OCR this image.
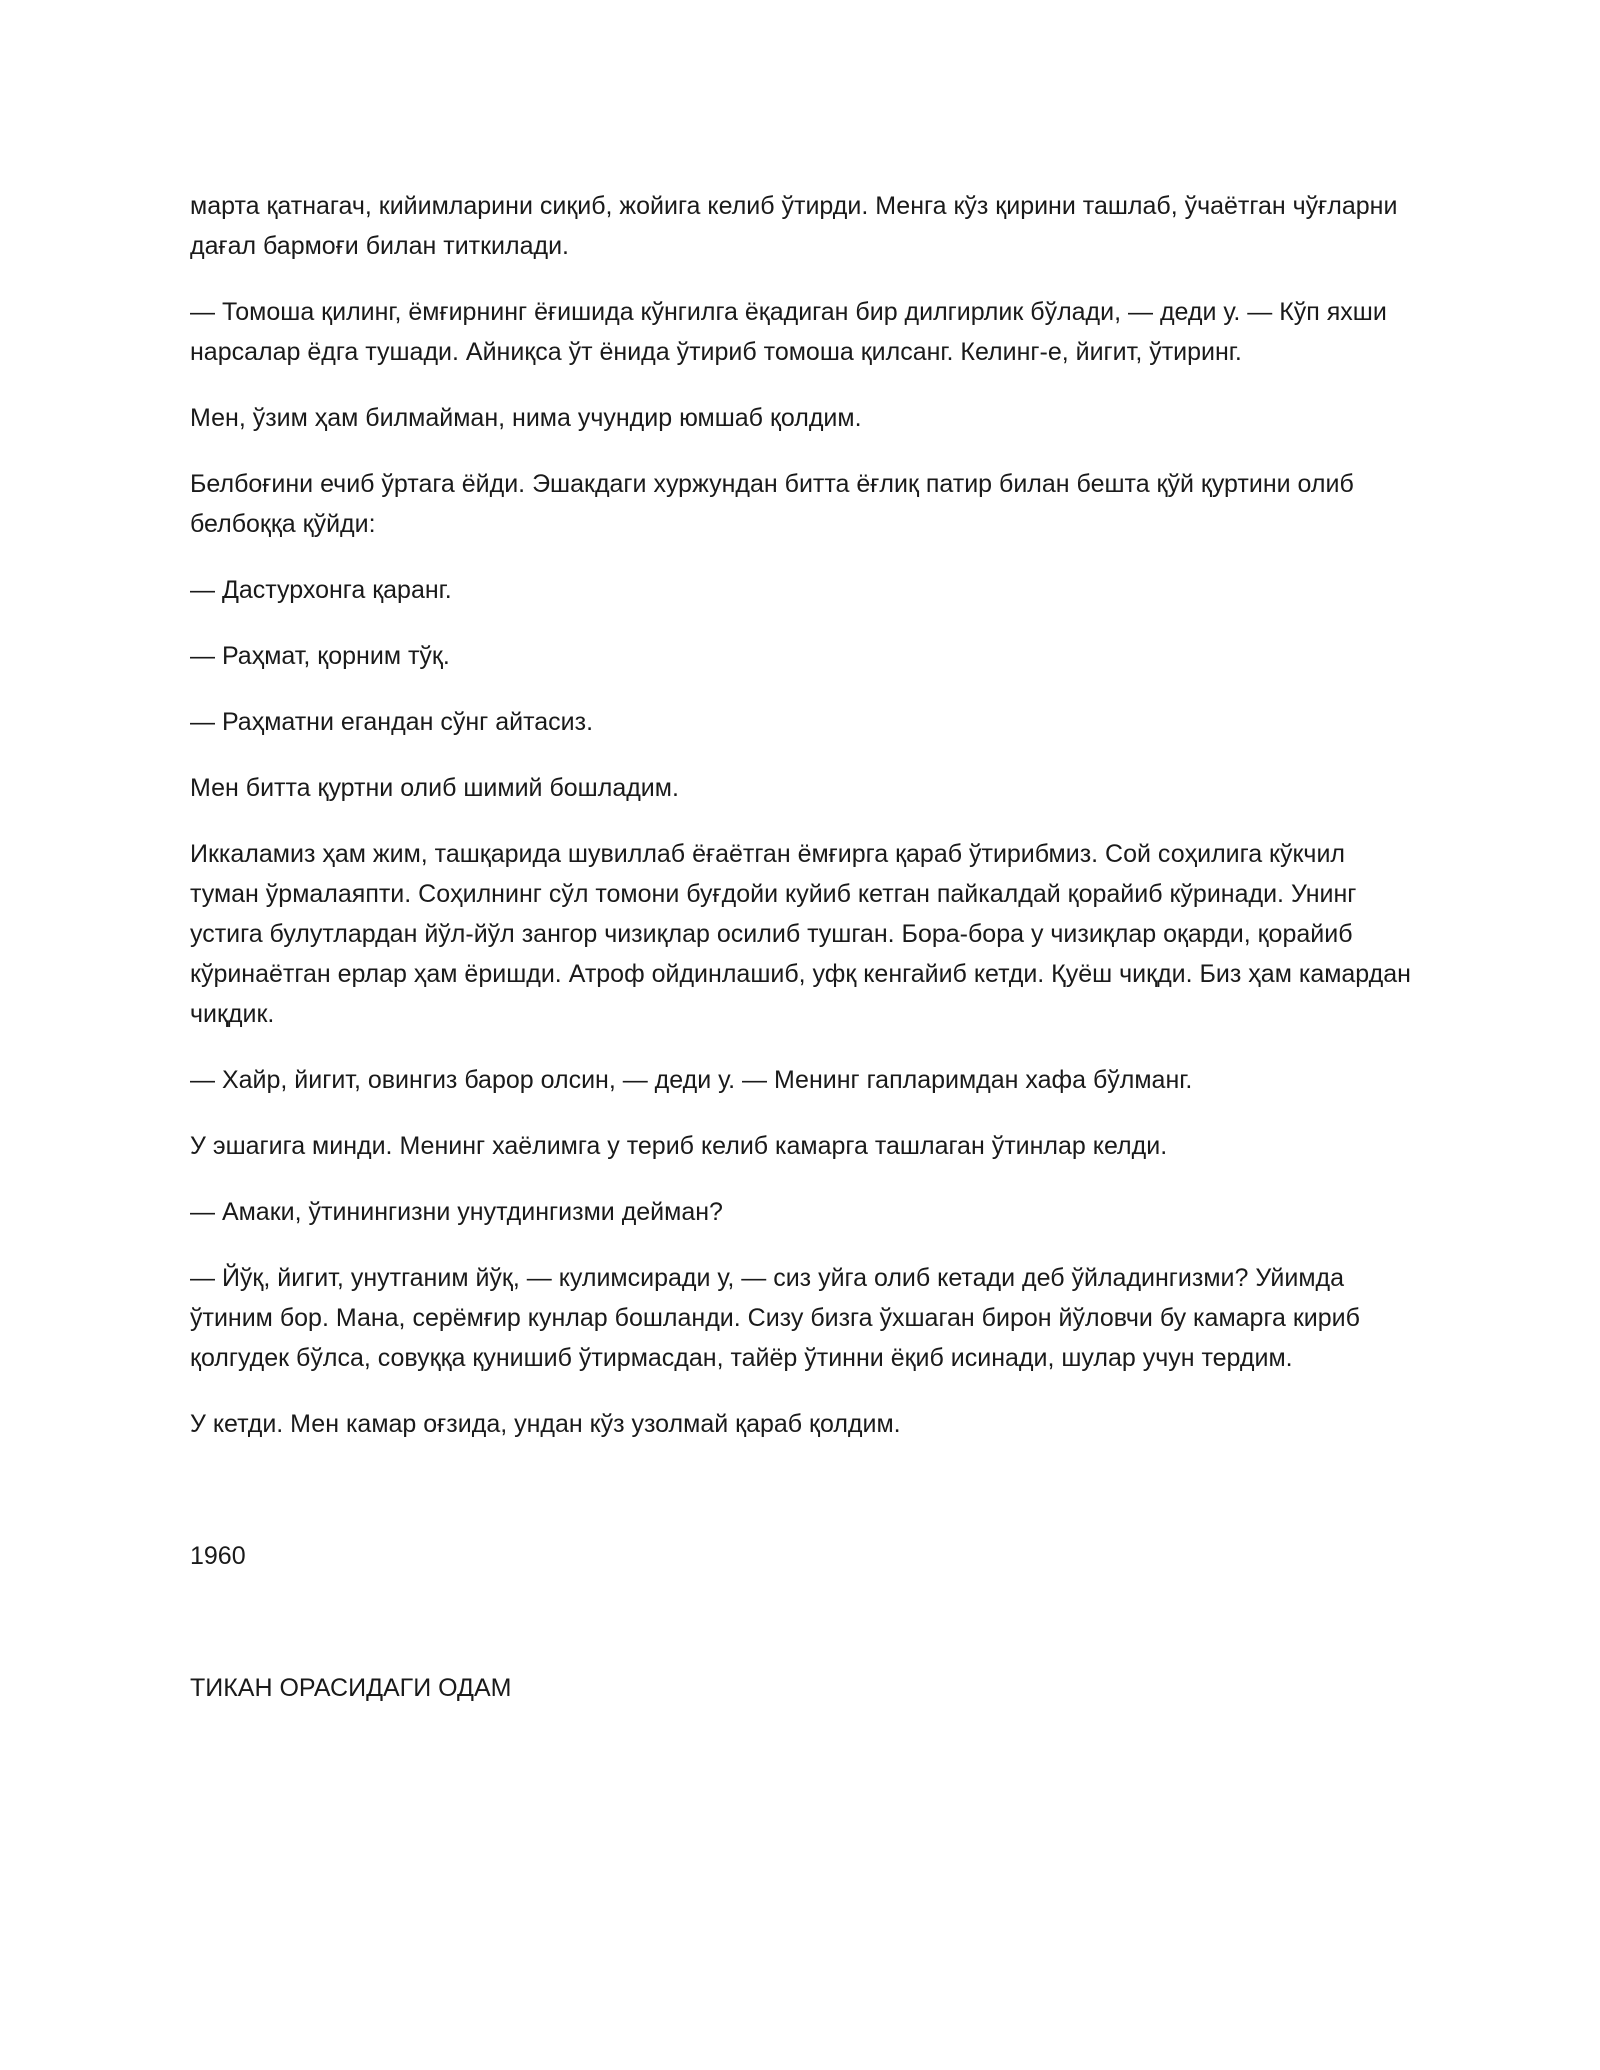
марта қатнагач, кийимларини сиқиб, жойига келиб ўтирди. Менга кўз қирини ташлаб, ўчаётган чўғларни дағал бармоғи билан титкилади.

— Томоша қилинг, ёмғирнинг ёғишида кўнгилга ёқадиган бир дилгирлик бўлади, — деди у. — Кўп яхши нарсалар ёдга тушади. Айниқса ўт ёнида ўтириб томоша қилсанг. Келинг-е, йигит, ўтиринг.

Мен, ўзим ҳам билмайман, нима учундир юмшаб қолдим.

Белбоғини ечиб ўртага ёйди. Эшакдаги хуржундан битта ёғлиқ патир билан бешта қўй қуртини олиб белбоққа қўйди:

— Дастурхонга қаранг.

— Раҳмат, қорним тўқ.

— Раҳматни егандан сўнг айтасиз.

Мен битта қуртни олиб шимий бошладим.

Иккаламиз ҳам жим, ташқарида шувиллаб ёғаётган ёмғирга қараб ўтирибмиз. Сой соҳилига кўкчил туман ўрмалаяпти. Соҳилнинг сўл томони буғдойи куйиб кетган пайкалдай қорайиб кўринади. Унинг устига булутлардан йўл-йўл зангор чизиқлар осилиб тушган. Бора-бора у чизиқлар оқарди, қорайиб кўринаётган ерлар ҳам ёришди. Атроф ойдинлашиб, уфқ кенгайиб кетди. Қуёш чиқди. Биз ҳам камардан чиқдик.

— Хайр, йигит, овингиз барор олсин, — деди у. — Менинг гапларимдан хафа бўлманг.

У эшагига минди. Менинг хаёлимга у териб келиб камарга ташлаган ўтинлар келди.

— Амаки, ўтинингизни унутдингизми дейман?

— Йўқ, йигит, унутганим йўқ, — кулимсиради у, — сиз уйга олиб кетади деб ўйладингизми? Уйимда ўтиним бор. Мана, серёмғир кунлар бошланди. Сизу бизга ўхшаган бирон йўловчи бу камарга кириб қолгудек бўлса, совуққа қунишиб ўтирмасдан, тайёр ўтинни ёқиб исинади, шулар учун тердим.

У кетди. Мен камар оғзида, ундан кўз узолмай қараб қолдим.

1960

ТИКАН ОРАСИДАГИ ОДАМ
